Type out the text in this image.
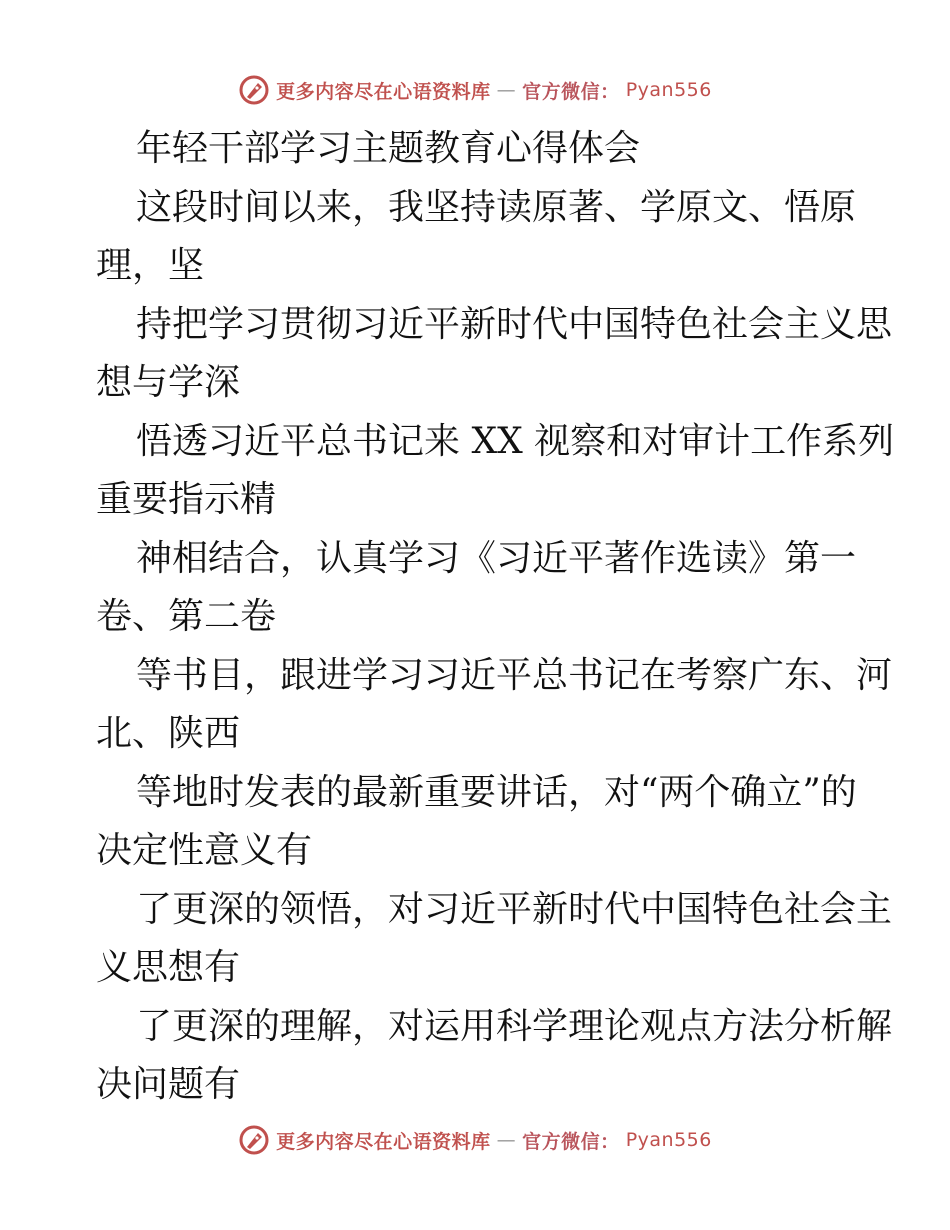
更多内容尽在心语资料库 — 官方微信： Pyan556
年轻干部学习主题教育心得体会
这段时间以来，我坚持读原著、学原文、悟原
理，坚
持把学习贯彻习近平新时代中国特色社会主义思
想与学深
悟透习近平总书记来 XX 视察和对审计工作系列
重要指示精
神相结合，认真学习《习近平著作选读》第一
卷、第二卷
等书目，跟进学习习近平总书记在考察广东、河
北、陕西
等地时发表的最新重要讲话，对“两个确立”的
决定性意义有
了更深的领悟，对习近平新时代中国特色社会主
义思想有
了更深的理解，对运用科学理论观点方法分析解
决问题有
更多内容尽在心语资料库 — 官方微信： Pyan556
